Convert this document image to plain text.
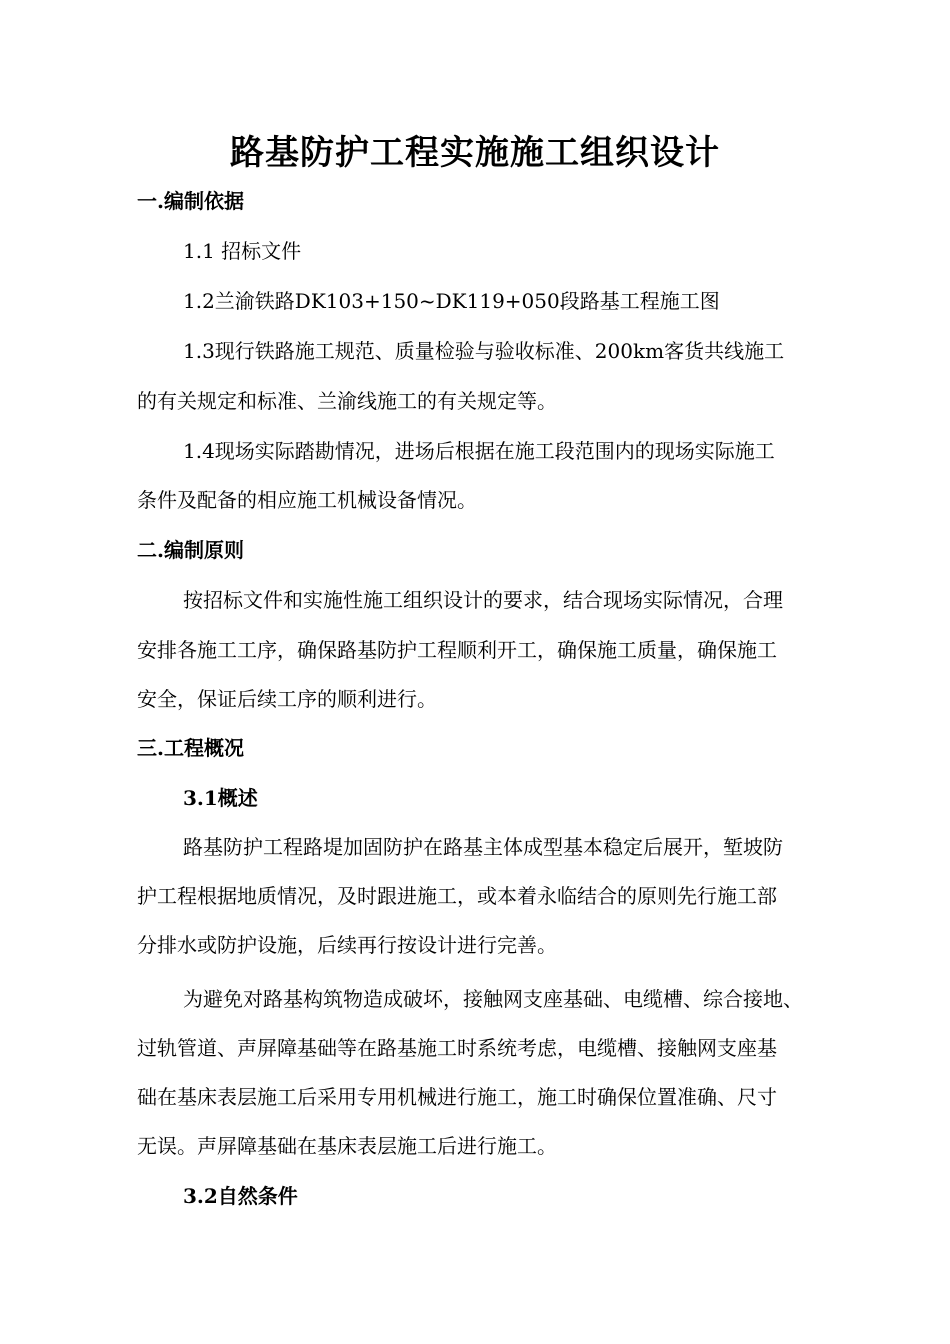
路基防护工程实施施工组织设计
一.编制依据
1.1 招标文件
1.2兰渝铁路DK103+150~DK119+050段路基工程施工图
1.3现行铁路施工规范、质量检验与验收标准、200km客货共线施工
的有关规定和标准、兰渝线施工的有关规定等。
1.4现场实际踏勘情况，进场后根据在施工段范围内的现场实际施工
条件及配备的相应施工机械设备情况。
二.编制原则
按招标文件和实施性施工组织设计的要求，结合现场实际情况，合理
安排各施工工序，确保路基防护工程顺利开工，确保施工质量，确保施工
安全，保证后续工序的顺利进行。
三.工程概况
3.1概述
路基防护工程路堤加固防护在路基主体成型基本稳定后展开，堑坡防
护工程根据地质情况，及时跟进施工，或本着永临结合的原则先行施工部
分排水或防护设施，后续再行按设计进行完善。
为避免对路基构筑物造成破坏，接触网支座基础、电缆槽、综合接地、
过轨管道、声屏障基础等在路基施工时系统考虑，电缆槽、接触网支座基
础在基床表层施工后采用专用机械进行施工，施工时确保位置准确、尺寸
无误。声屏障基础在基床表层施工后进行施工。
3.2自然条件
